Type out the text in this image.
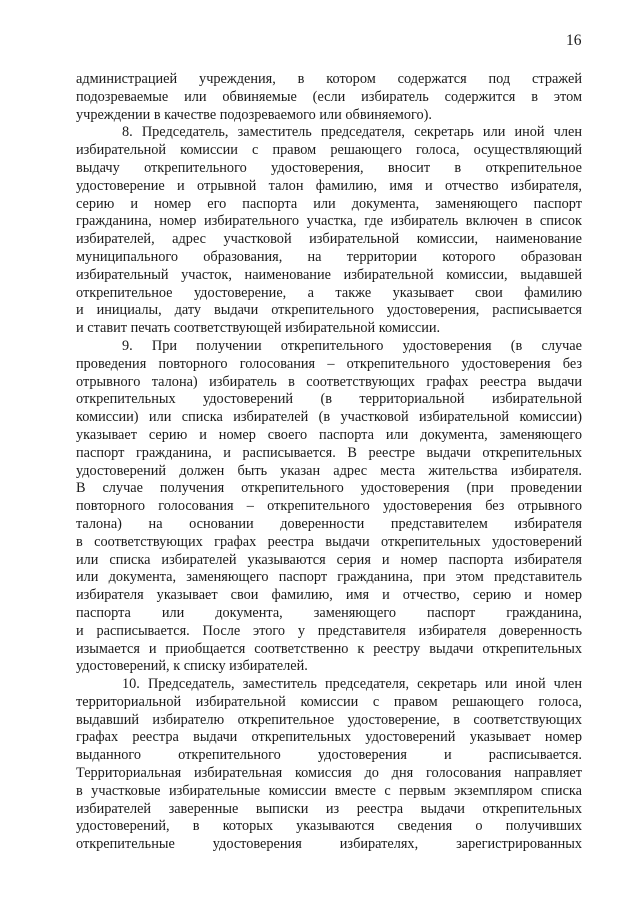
16
администрацией учреждения, в котором содержатся под стражей
подозреваемые или обвиняемые (если избиратель содержится в этом
учреждении в качестве подозреваемого или обвиняемого).
8. Председатель, заместитель председателя, секретарь или иной член
избирательной комиссии с правом решающего голоса, осуществляющий
выдачу открепительного удостоверения, вносит в открепительное
удостоверение и отрывной талон фамилию, имя и отчество избирателя,
серию и номер его паспорта или документа, заменяющего паспорт
гражданина, номер избирательного участка, где избиратель включен в список
избирателей, адрес участковой избирательной комиссии, наименование
муниципального образования, на территории которого образован
избирательный участок, наименование избирательной комиссии, выдавшей
открепительное удостоверение, а также указывает свои фамилию
и инициалы, дату выдачи открепительного удостоверения, расписывается
и ставит печать соответствующей избирательной комиссии.
9. При получении открепительного удостоверения (в случае
проведения повторного голосования – открепительного удостоверения без
отрывного талона) избиратель в соответствующих графах реестра выдачи
открепительных удостоверений (в территориальной избирательной
комиссии) или списка избирателей (в участковой избирательной комиссии)
указывает серию и номер своего паспорта или документа, заменяющего
паспорт гражданина, и расписывается. В реестре выдачи открепительных
удостоверений должен быть указан адрес места жительства избирателя.
В случае получения открепительного удостоверения (при проведении
повторного голосования – открепительного удостоверения без отрывного
талона) на основании доверенности представителем избирателя
в соответствующих графах реестра выдачи открепительных удостоверений
или списка избирателей указываются серия и номер паспорта избирателя
или документа, заменяющего паспорт гражданина, при этом представитель
избирателя указывает свои фамилию, имя и отчество, серию и номер
паспорта или документа, заменяющего паспорт гражданина,
и расписывается. После этого у представителя избирателя доверенность
изымается и приобщается соответственно к реестру выдачи открепительных
удостоверений, к списку избирателей.
10. Председатель, заместитель председателя, секретарь или иной член
территориальной избирательной комиссии с правом решающего голоса,
выдавший избирателю открепительное удостоверение, в соответствующих
графах реестра выдачи открепительных удостоверений указывает номер
выданного открепительного удостоверения и расписывается.
Территориальная избирательная комиссия до дня голосования направляет
в участковые избирательные комиссии вместе с первым экземпляром списка
избирателей заверенные выписки из реестра выдачи открепительных
удостоверений, в которых указываются сведения о получивших
открепительные удостоверения избирателях, зарегистрированных
